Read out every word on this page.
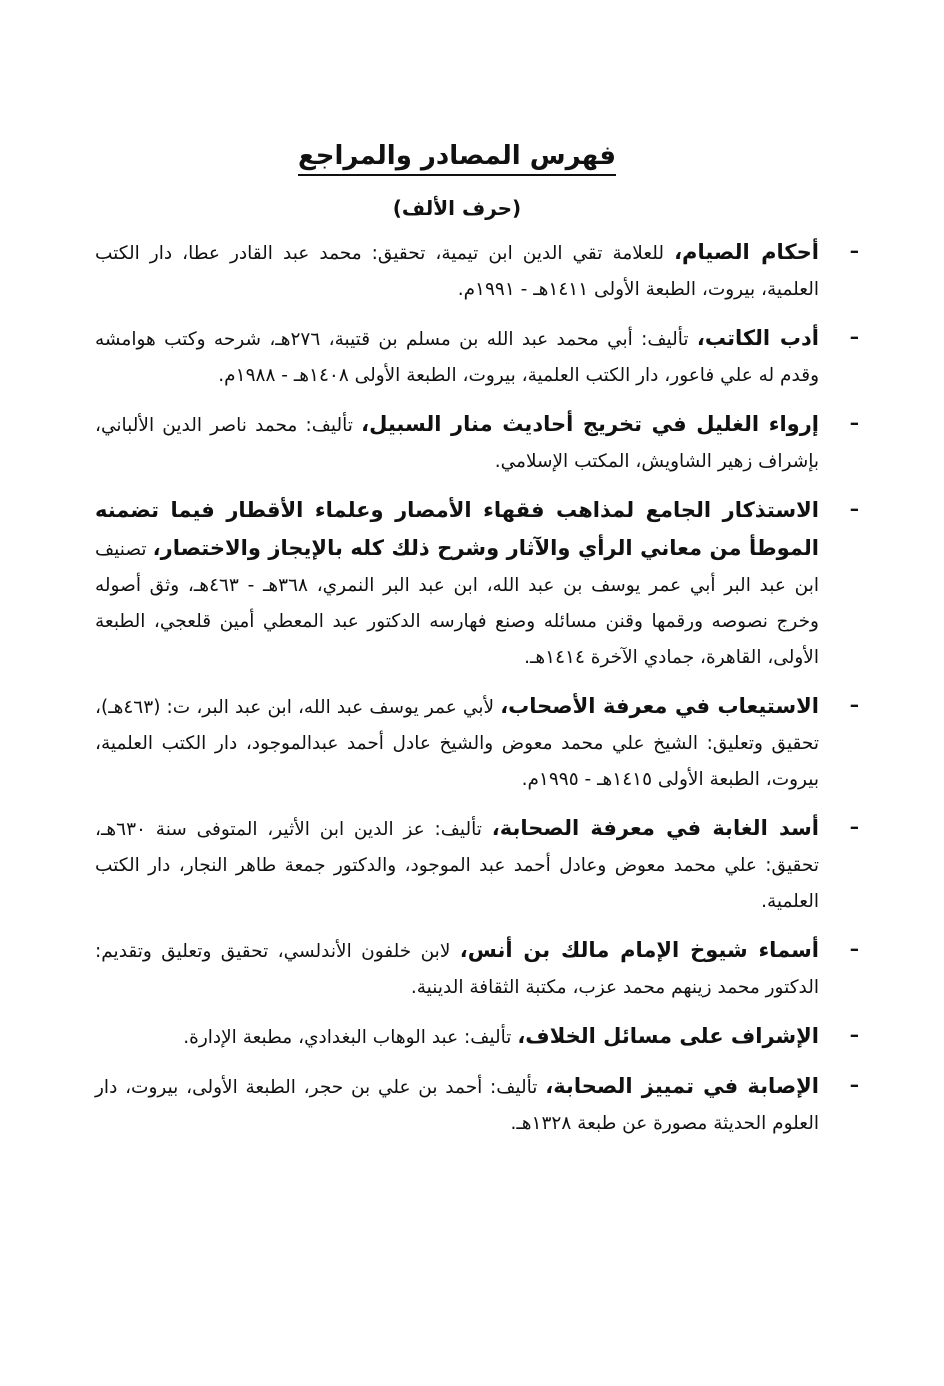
فهرس المصادر والمراجع
(حرف الألف)
–
أحكام الصيام، للعلامة تقي الدين ابن تيمية، تحقيق: محمد عبد القادر عطا، دار الكتب العلمية، بيروت، الطبعة الأولى ١٤١١هـ - ١٩٩١م.
–
أدب الكاتب، تأليف: أبي محمد عبد الله بن مسلم بن قتيبة، ٢٧٦هـ، شرحه وكتب هوامشه وقدم له علي فاعور، دار الكتب العلمية، بيروت، الطبعة الأولى ١٤٠٨هـ - ١٩٨٨م.
–
إرواء الغليل في تخريج أحاديث منار السبيل، تأليف: محمد ناصر الدين الألباني، بإشراف زهير الشاويش، المكتب الإسلامي.
–
الاستذكار الجامع لمذاهب فقهاء الأمصار وعلماء الأقطار فيما تضمنه الموطأ من معاني الرأي والآثار وشرح ذلك كله بالإيجاز والاختصار، تصنيف ابن عبد البر أبي عمر يوسف بن عبد الله، ابن عبد البر النمري، ٣٦٨هـ - ٤٦٣هـ، وثق أصوله وخرج نصوصه ورقمها وقنن مسائله وصنع فهارسه الدكتور عبد المعطي أمين قلعجي، الطبعة الأولى، القاهرة، جمادي الآخرة ١٤١٤هـ.
–
الاستيعاب في معرفة الأصحاب، لأبي عمر يوسف عبد الله، ابن عبد البر، ت: (٤٦٣هـ)، تحقيق وتعليق: الشيخ علي محمد معوض والشيخ عادل أحمد عبدالموجود، دار الكتب العلمية، بيروت، الطبعة الأولى ١٤١٥هـ - ١٩٩٥م.
–
أسد الغابة في معرفة الصحابة، تأليف: عز الدين ابن الأثير، المتوفى سنة ٦٣٠هـ، تحقيق: علي محمد معوض وعادل أحمد عبد الموجود، والدكتور جمعة طاهر النجار، دار الكتب العلمية.
–
أسماء شيوخ الإمام مالك بن أنس، لابن خلفون الأندلسي، تحقيق وتعليق وتقديم: الدكتور محمد زينهم محمد عزب، مكتبة الثقافة الدينية.
–
الإشراف على مسائل الخلاف، تأليف: عبد الوهاب البغدادي، مطبعة الإدارة.
–
الإصابة في تمييز الصحابة، تأليف: أحمد بن علي بن حجر، الطبعة الأولى، بيروت، دار العلوم الحديثة مصورة عن طبعة ١٣٢٨هـ.
